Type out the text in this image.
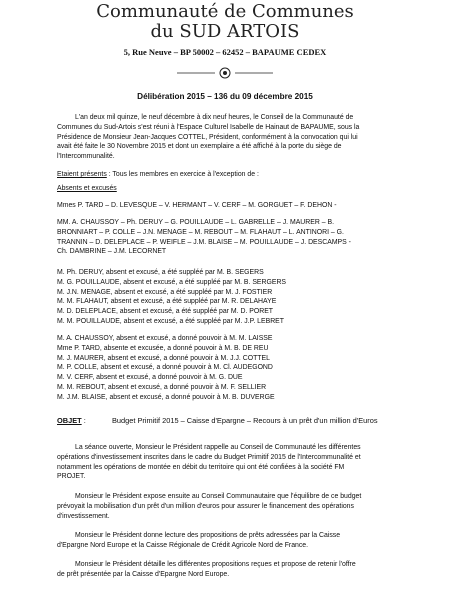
Communauté de Communes
du SUD ARTOIS
5, Rue Neuve – BP 50002 – 62452 – BAPAUME CEDEX
Délibération 2015 – 136 du 09 décembre 2015
L'an deux mil quinze, le neuf décembre à dix neuf heures, le Conseil de la Communauté de
Communes du Sud-Artois s'est réuni à l'Espace Culturel Isabelle de Hainaut de BAPAUME, sous la
Présidence de Monsieur Jean-Jacques COTTEL, Président, conformément à la convocation qui lui
avait été faite le 30 Novembre 2015 et dont un exemplaire a été affiché à la porte du siège de
l'Intercommunalité.
Etaient présents : Tous les membres en exercice à l'exception de :
Absents et excusés
Mmes P. TARD – D. LEVESQUE – V. HERMANT – V. CERF – M. GORGUET – F. DEHON -
MM. A. CHAUSSOY – Ph. DERUY – G. POUILLAUDE – L. GABRELLE – J. MAURER – B.
BRONNIART – P. COLLE – J.N. MENAGE – M. REBOUT – M. FLAHAUT – L. ANTINORI – G.
TRANNIN – D. DELEPLACE – P. WEIFLE – J.M. BLAISE – M. POUILLAUDE – J. DESCAMPS -
Ch. DAMBRINE – J.M. LECORNET
M. Ph. DERUY, absent et excusé, a été suppléé par M. B. SEGERS
M. G. POUILLAUDE, absent et excusé, a été suppléé par M. B. SERGERS
M. J.N. MENAGE, absent et excusé, a été suppléé par M. J. FOSTIER
M. M. FLAHAUT, absent et excusé, a été suppléé par M. R. DELAHAYE
M. D. DELEPLACE, absent et excusé, a été suppléé par M. D. PORET
M. M. POUILLAUDE, absent et excusé, a été suppléé par M. J.P. LEBRET
M. A. CHAUSSOY, absent et excusé, a donné pouvoir à M. M. LAISSE
Mme P. TARD, absente et excusée, a donné pouvoir à M. B. DE REU
M. J. MAURER, absent et excusé, a donné pouvoir à M. J.J. COTTEL
M. P. COLLE, absent et excusé, a donné pouvoir à M. Cl. AUDEGOND
M. V. CERF, absent et excusé, a donné pouvoir à M. G. DUE
M. M. REBOUT, absent et excusé, a donné pouvoir à M. F. SELLIER
M. J.M. BLAISE, absent et excusé, a donné pouvoir à M. B. DUVERGE
OBJET :	Budget Primitif 2015 – Caisse d'Epargne – Recours à un prêt d'un million d'Euros
La séance ouverte, Monsieur le Président rappelle au Conseil de Communauté les différentes
opérations d'investissement inscrites dans le cadre du Budget Primitif 2015 de l'Intercommunalité et
notamment les opérations de montée en débit du territoire qui ont été confiées à la société FM
PROJET.
Monsieur le Président expose ensuite au Conseil Communautaire que l'équilibre de ce budget
prévoyait la mobilisation d'un prêt d'un million d'euros pour assurer le financement des opérations
d'investissement.
Monsieur le Président donne lecture des propositions de prêts adressées par la Caisse
d'Epargne Nord Europe et la Caisse Régionale de Crédit Agricole Nord de France.
Monsieur le Président détaille les différentes propositions reçues et propose de retenir l'offre
de prêt présentée par la Caisse d'Epargne Nord Europe.
